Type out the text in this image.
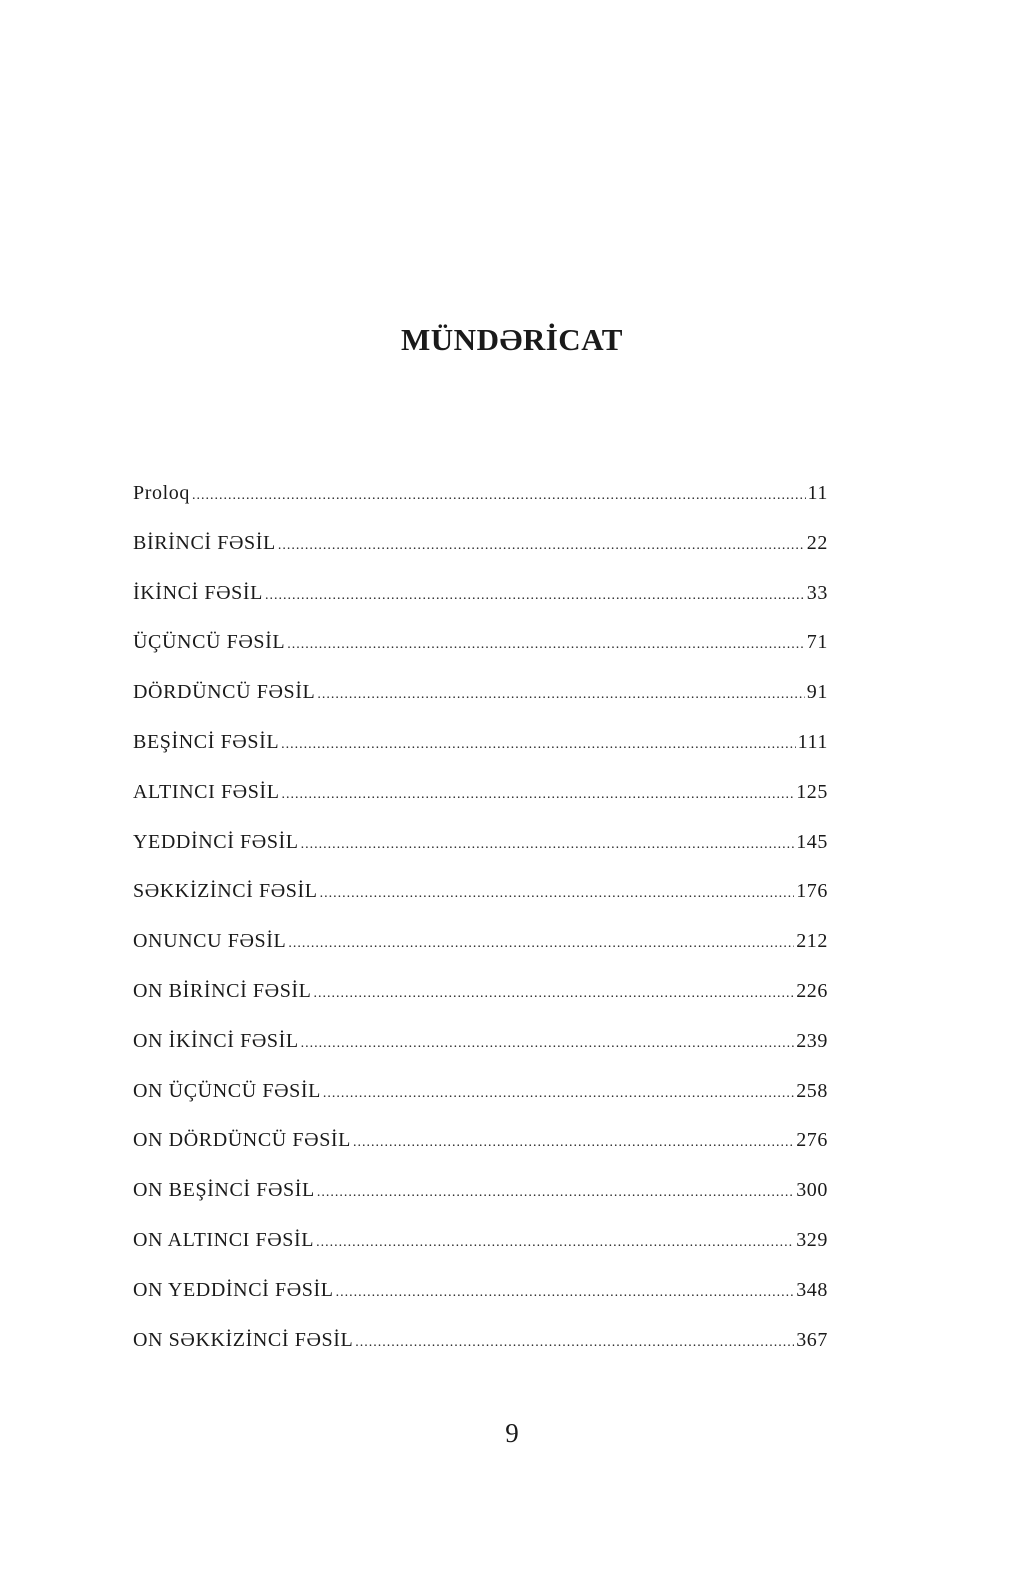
MÜNDƏRİCAT
Proloq .....	11
BİRİNCİ FƏSİL .....	22
İKİNCİ FƏSİL .....	33
ÜÇÜNCÜ FƏSİL .....	71
DÖRDÜNCÜ FƏSİL .....	91
BEŞİNCİ FƏSİL .....	111
ALTINCI FƏSİL .....	125
YEDDİNCİ FƏSİL .....	145
SƏKKİZİNCİ FƏSİL .....	176
ONUNCU FƏSİL .....	212
ON BİRİNCİ FƏSİL .....	226
ON İKİNCİ FƏSİL .....	239
ON ÜÇÜNCÜ FƏSİL .....	258
ON DÖRDÜNCÜ FƏSİL .....	276
ON BEŞİNCİ FƏSİL .....	300
ON ALTINCI FƏSİL .....	329
ON YEDDİNCİ FƏSİL .....	348
ON SƏKKİZİNCİ FƏSİL .....	367
9
